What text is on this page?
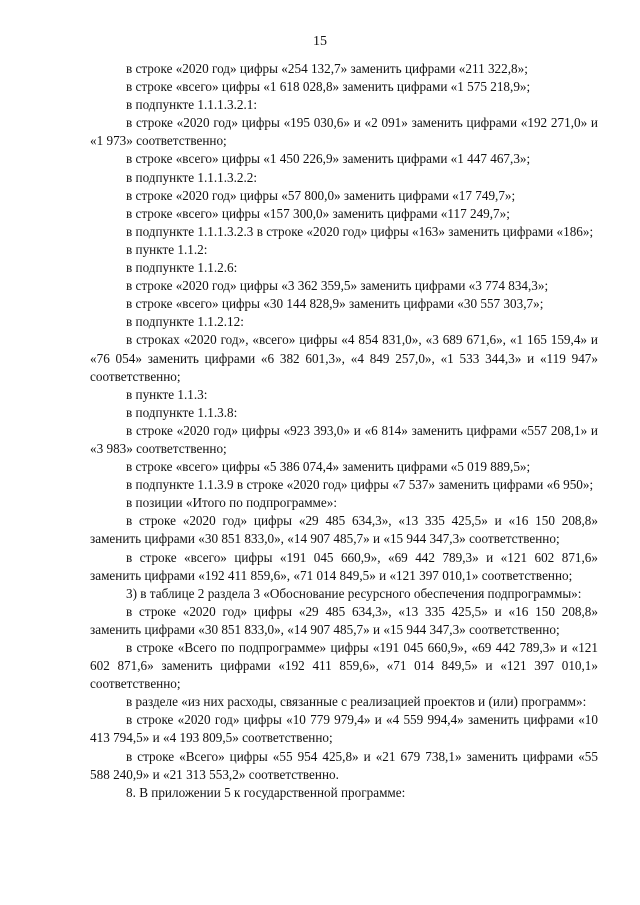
15

в строке «2020 год» цифры «254 132,7» заменить цифрами «211 322,8»;

в строке «всего» цифры «1 618 028,8» заменить цифрами «1 575 218,9»;

в подпункте 1.1.1.3.2.1:

в строке «2020 год» цифры «195 030,6» и «2 091» заменить цифрами «192 271,0» и «1 973» соответственно;

в строке «всего» цифры «1 450 226,9» заменить цифрами «1 447 467,3»;

в подпункте 1.1.1.3.2.2:

в строке «2020 год» цифры «57 800,0» заменить цифрами «17 749,7»;

в строке «всего» цифры «157 300,0» заменить цифрами «117 249,7»;

в подпункте 1.1.1.3.2.3 в строке «2020 год» цифры «163» заменить цифрами «186»;

в пункте 1.1.2:

в подпункте 1.1.2.6:

в строке «2020 год» цифры «3 362 359,5» заменить цифрами «3 774 834,3»;

в строке «всего» цифры «30 144 828,9» заменить цифрами «30 557 303,7»;

в подпункте 1.1.2.12:

в строках «2020 год», «всего» цифры «4 854 831,0», «3 689 671,6», «1 165 159,4» и «76 054» заменить цифрами «6 382 601,3», «4 849 257,0», «1 533 344,3» и «119 947» соответственно;

в пункте 1.1.3:

в подпункте 1.1.3.8:

в строке «2020 год» цифры «923 393,0» и «6 814» заменить цифрами «557 208,1» и «3 983» соответственно;

в строке «всего» цифры «5 386 074,4» заменить цифрами «5 019 889,5»;

в подпункте 1.1.3.9 в строке «2020 год» цифры «7 537» заменить цифрами «6 950»;

в позиции «Итого по подпрограмме»:

в строке «2020 год» цифры «29 485 634,3», «13 335 425,5» и «16 150 208,8» заменить цифрами «30 851 833,0», «14 907 485,7» и «15 944 347,3» соответственно;

в строке «всего» цифры «191 045 660,9», «69 442 789,3» и «121 602 871,6» заменить цифрами «192 411 859,6», «71 014 849,5» и «121 397 010,1» соответственно;

3) в таблице 2 раздела 3 «Обоснование ресурсного обеспечения подпрограммы»:

в строке «2020 год» цифры «29 485 634,3», «13 335 425,5» и «16 150 208,8» заменить цифрами «30 851 833,0», «14 907 485,7» и «15 944 347,3» соответственно;

в строке «Всего по подпрограмме» цифры «191 045 660,9», «69 442 789,3» и «121 602 871,6» заменить цифрами «192 411 859,6», «71 014 849,5» и «121 397 010,1» соответственно;

в разделе «из них расходы, связанные с реализацией проектов и (или) программ»:

в строке «2020 год» цифры «10 779 979,4» и «4 559 994,4» заменить цифрами «10 413 794,5» и «4 193 809,5» соответственно;

в строке «Всего» цифры «55 954 425,8» и «21 679 738,1» заменить цифрами «55 588 240,9» и «21 313 553,2» соответственно.

8. В приложении 5 к государственной программе:
